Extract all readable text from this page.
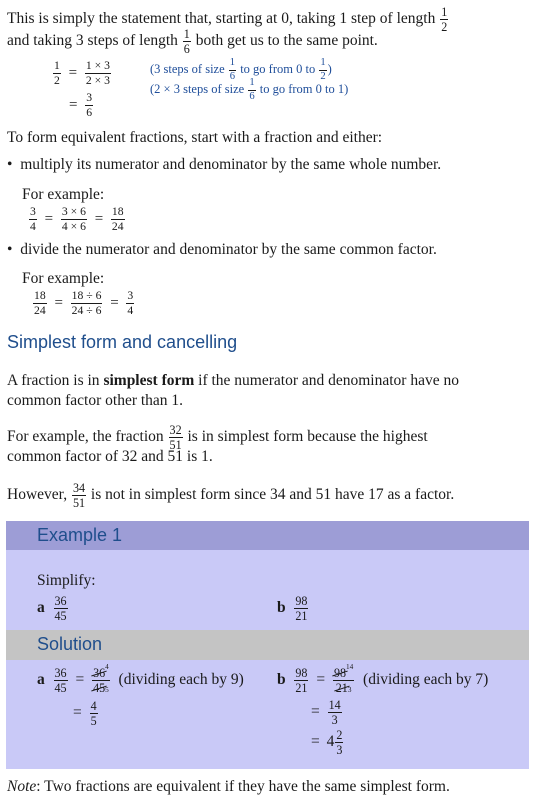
This is simply the statement that, starting at 0, taking 1 step of length $\frac{1}{2}$
and taking 3 steps of length $\frac{1}{6}$ both get us to the same point.
$\frac{1}{2} = \frac{1 \times 3}{2 \times 3}$
= $\frac{3}{6}$
(3 steps of size $\frac{1}{6}$ to go from 0 to $\frac{1}{2}$ )
(2 × 3 steps of size $\frac{1}{6}$ to go from 0 to 1)
To form equivalent fractions, start with a fraction and either:
•  multiply its numerator and denominator by the same whole number.
For example:
$\frac{3}{4} = \frac{3 \times 6}{4 \times 6} = \frac{18}{24}$
•  divide the numerator and denominator by the same common factor.
For example:
$\frac{18}{24} = \frac{18 \div 6}{24 \div 6} = \frac{3}{4}$
Simplest form and cancelling
A fraction is in simplest form if the numerator and denominator have no
common factor other than 1.
For example, the fraction $\frac{32}{51}$ is in simplest form because the highest
common factor of 32 and 51 is 1.
However, $\frac{34}{51}$ is not in simplest form since 34 and 51 have 17 as a factor.
Example 1
Simplify:
a $\frac{36}{45}$	b $\frac{98}{21}$
Solution
a $\frac{36}{45} = \frac{36^4}{455}$ (dividing each by 9)
= $\frac{4}{5}$
b $\frac{98}{21} = \frac{98^{14}}{213}$ (dividing each by 7)
= $\frac{14}{3}$
= $4 \frac{2}{3}$
Note: Two fractions are equivalent if they have the same simplest form.
